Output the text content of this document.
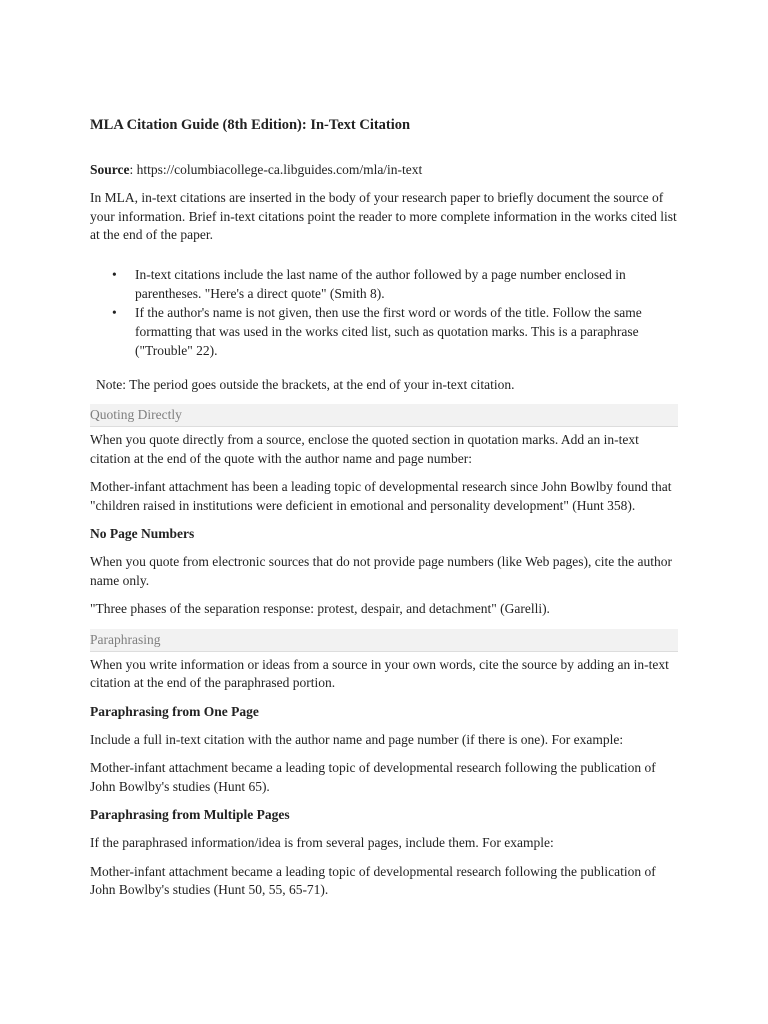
MLA Citation Guide (8th Edition): In-Text Citation
Source: https://columbiacollege-ca.libguides.com/mla/in-text

In MLA, in-text citations are inserted in the body of your research paper to briefly document the source of your information. Brief in-text citations point the reader to more complete information in the works cited list at the end of the paper.

• In-text citations include the last name of the author followed by a page number enclosed in parentheses. "Here's a direct quote" (Smith 8).
• If the author's name is not given, then use the first word or words of the title. Follow the same formatting that was used in the works cited list, such as quotation marks. This is a paraphrase ("Trouble" 22).

Note: The period goes outside the brackets, at the end of your in-text citation.

Quoting Directly

When you quote directly from a source, enclose the quoted section in quotation marks. Add an in-text citation at the end of the quote with the author name and page number:

Mother-infant attachment has been a leading topic of developmental research since John Bowlby found that "children raised in institutions were deficient in emotional and personality development" (Hunt 358).

No Page Numbers

When you quote from electronic sources that do not provide page numbers (like Web pages), cite the author name only.

"Three phases of the separation response: protest, despair, and detachment" (Garelli).

Paraphrasing

When you write information or ideas from a source in your own words, cite the source by adding an in-text citation at the end of the paraphrased portion.

Paraphrasing from One Page

Include a full in-text citation with the author name and page number (if there is one). For example:

Mother-infant attachment became a leading topic of developmental research following the publication of John Bowlby's studies (Hunt 65).

Paraphrasing from Multiple Pages

If the paraphrased information/idea is from several pages, include them. For example:

Mother-infant attachment became a leading topic of developmental research following the publication of John Bowlby's studies (Hunt 50, 55, 65-71).
